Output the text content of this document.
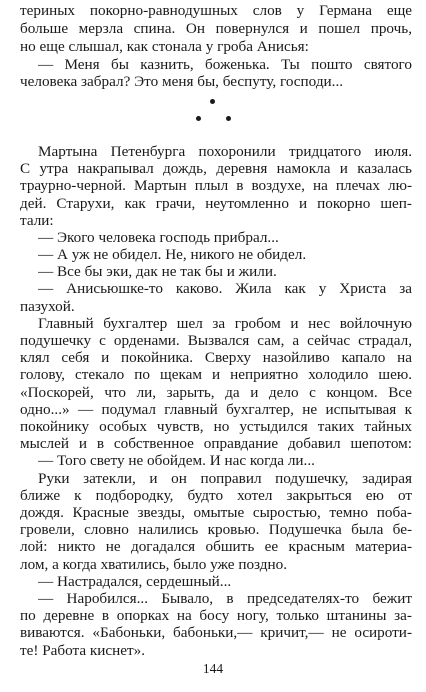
териных покорно-равнодушных слов у Германа еще
больше мерзла спина. Он повернулся и пошел прочь,
но еще слышал, как стонала у гроба Анисья:
— Меня бы казнить, боженька. Ты пошто святого
человека забрал? Это меня бы, беспуту, господи...
Мартына Петенбурга похоронили тридцатого июля.
С утра накрапывал дождь, деревня намокла и казалась
траурно-черной. Мартын плыл в воздухе, на плечах лю-
дей. Старухи, как грачи, неутомленно и покорно шеп-
тали:
— Экого человека господь прибрал...
— А уж не обидел. Не, никого не обидел.
— Все бы эки, дак не так бы и жили.
— Анисьюшке-то каково. Жила как у Христа за
пазухой.
Главный бухгалтер шел за гробом и нес войлочную
подушечку с орденами. Вызвался сам, а сейчас страдал,
клял себя и покойника. Сверху назойливо капало на
голову, стекало по щекам и неприятно холодило шею.
«Поскорей, что ли, зарыть, да и дело с концом. Все
одно...» — подумал главный бухгалтер, не испытывая к
покойнику особых чувств, но устыдился таких тайных
мыслей и в собственное оправдание добавил шепотом:
— Того свету не обойдем. И нас когда ли...
Руки затекли, и он поправил подушечку, задирая
ближе к подбородку, будто хотел закрыться ею от
дождя. Красные звезды, омытые сыростью, темно поба-
гровели, словно налились кровью. Подушечка была бе-
лой: никто не догадался обшить ее красным материа-
лом, а когда хватились, было уже поздно.
— Настрадался, сердешный...
— Наробился... Бывало, в председателях-то бежит
по деревне в опорках на босу ногу, только штанины за-
виваются. «Бабоньки, бабоньки,— кричит,— не осироти-
те! Работа киснет».
144
